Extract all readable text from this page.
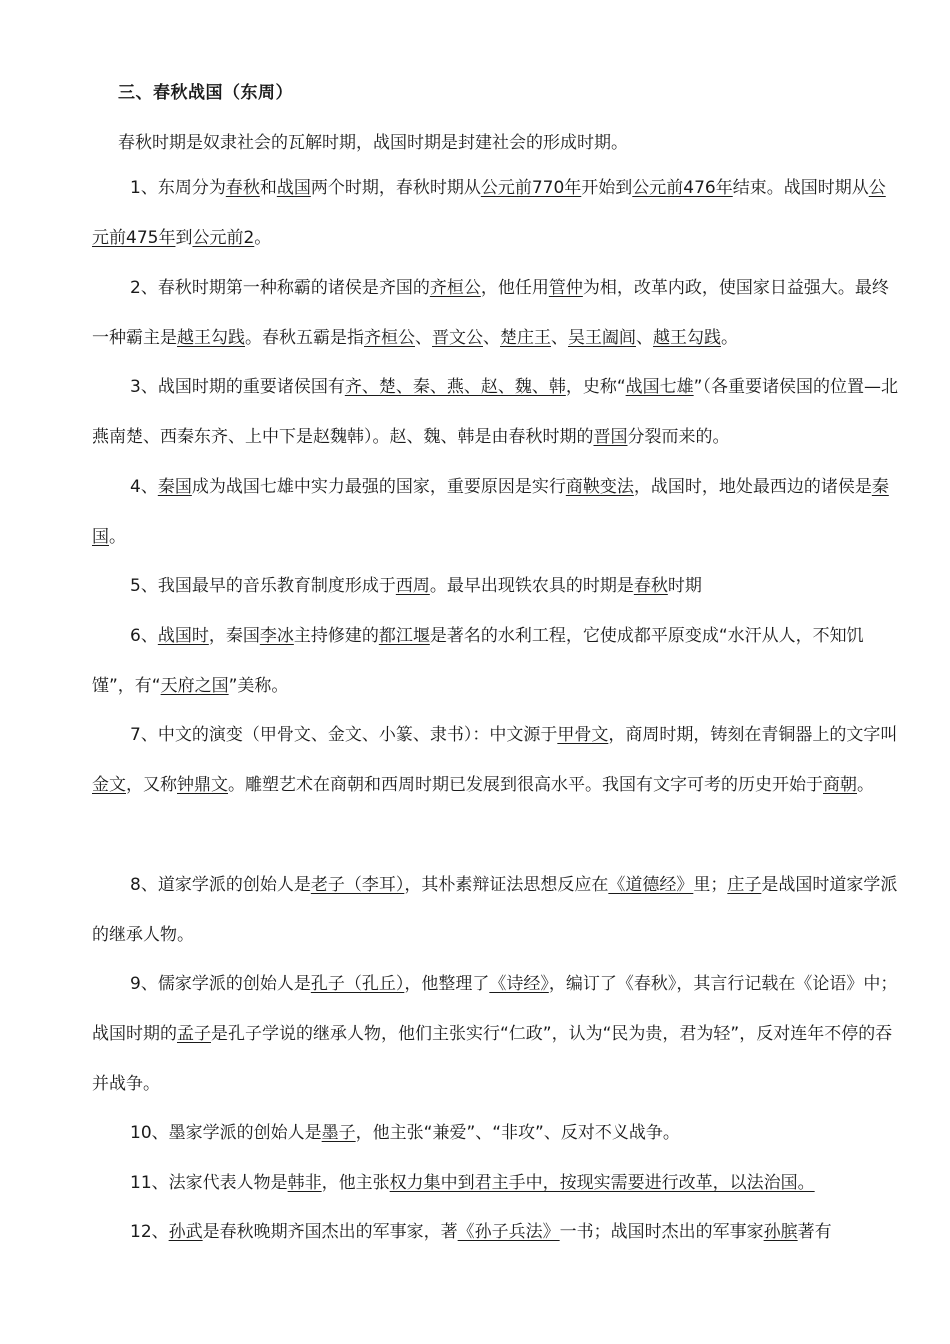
三、春秋战国（东周）
春秋时期是奴隶社会的瓦解时期，战国时期是封建社会的形成时期。
1、东周分为春秋和战国两个时期，春秋时期从公元前770年开始到公元前476年结束。战国时期从公元前475年到公元前2。
2、春秋时期第一种称霸的诸侯是齐国的齐桓公，他任用管仲为相，改革内政，使国家日益强大。最终一种霸主是越王勾践。春秋五霸是指齐桓公、晋文公、楚庄王、吴王阖闾、越王勾践。
3、战国时期的重要诸侯国有齐、楚、秦、燕、赵、魏、韩，史称“战国七雄”（各重要诸侯国的位置—北燕南楚、西秦东齐、上中下是赵魏韩）。赵、魏、韩是由春秋时期的晋国分裂而来的。
4、秦国成为战国七雄中实力最强的国家，重要原因是实行商鞅变法，战国时，地处最西边的诸侯是秦国。
5、我国最早的音乐教育制度形成于西周。最早出现铁农具的时期是春秋时期
6、战国时，秦国李冰主持修建的都江堰是著名的水利工程，它使成都平原变成“水汗从人，不知饥馑”，有“天府之国”美称。
7、中文的演变（甲骨文、金文、小篆、隶书）：中文源于甲骨文，商周时期，铸刻在青铜器上的文字叫金文，又称钟鼎文。雕塑艺术在商朝和西周时期已发展到很高水平。我国有文字可考的历史开始于商朝。
8、道家学派的创始人是老子（李耳），其朴素辩证法思想反应在《道德经》里；庄子是战国时道家学派的继承人物。
9、儒家学派的创始人是孔子（孔丘），他整理了《诗经》，编订了《春秋》，其言行记载在《论语》中；战国时期的孟子是孔子学说的继承人物，他们主张实行“仁政”，认为“民为贵，君为轻”，反对连年不停的吞并战争。
10、墨家学派的创始人是墨子，他主张“兼爱”、“非攻”、反对不义战争。
11、法家代表人物是韩非，他主张权力集中到君主手中，按现实需要进行改革，以法治国。
12、孙武是春秋晚期齐国杰出的军事家，著《孙子兵法》一书；战国时杰出的军事家孙膑著有
